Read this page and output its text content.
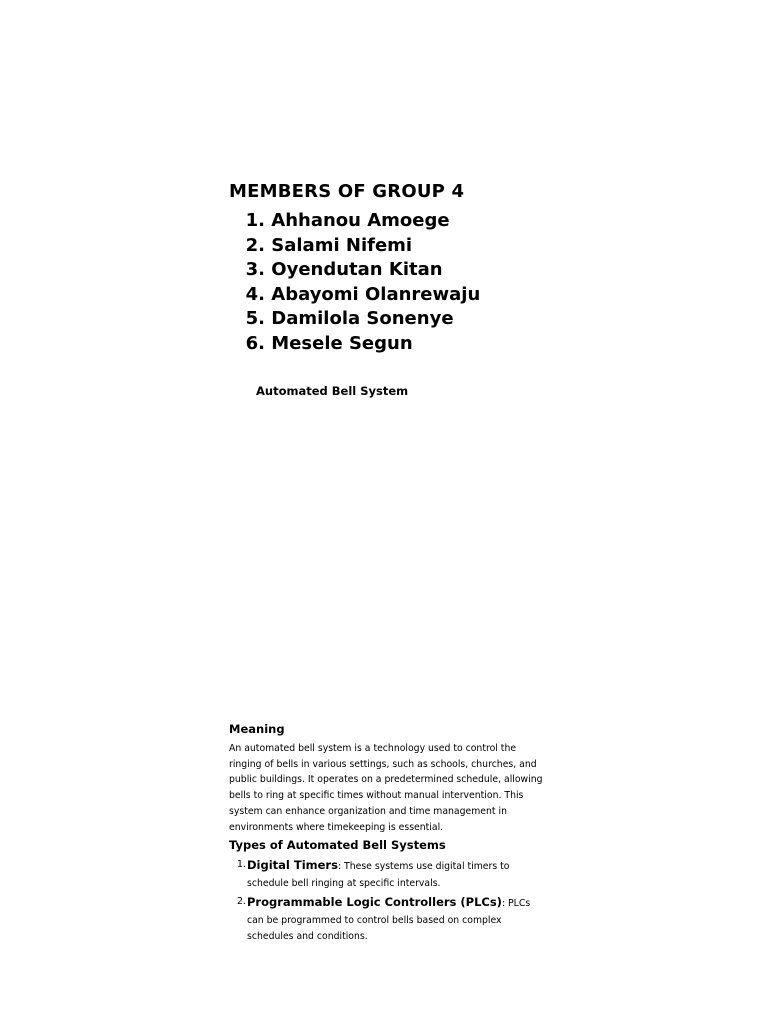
MEMBERS OF GROUP 4
1. Ahhanou Amoege
2. Salami Nifemi
3. Oyendutan Kitan
4. Abayomi Olanrewaju
5. Damilola Sonenye
6. Mesele Segun

Automated Bell System

Meaning

An automated bell system is a technology used to control the ringing of bells in various settings, such as schools, churches, and public buildings. It operates on a predetermined schedule, allowing bells to ring at specific times without manual intervention. This system can enhance organization and time management in environments where timekeeping is essential.

Types of Automated Bell Systems
1. Digital Timers: These systems use digital timers to schedule bell ringing at specific intervals.
2. Programmable Logic Controllers (PLCs): PLCs can be programmed to control bells based on complex schedules and conditions.
